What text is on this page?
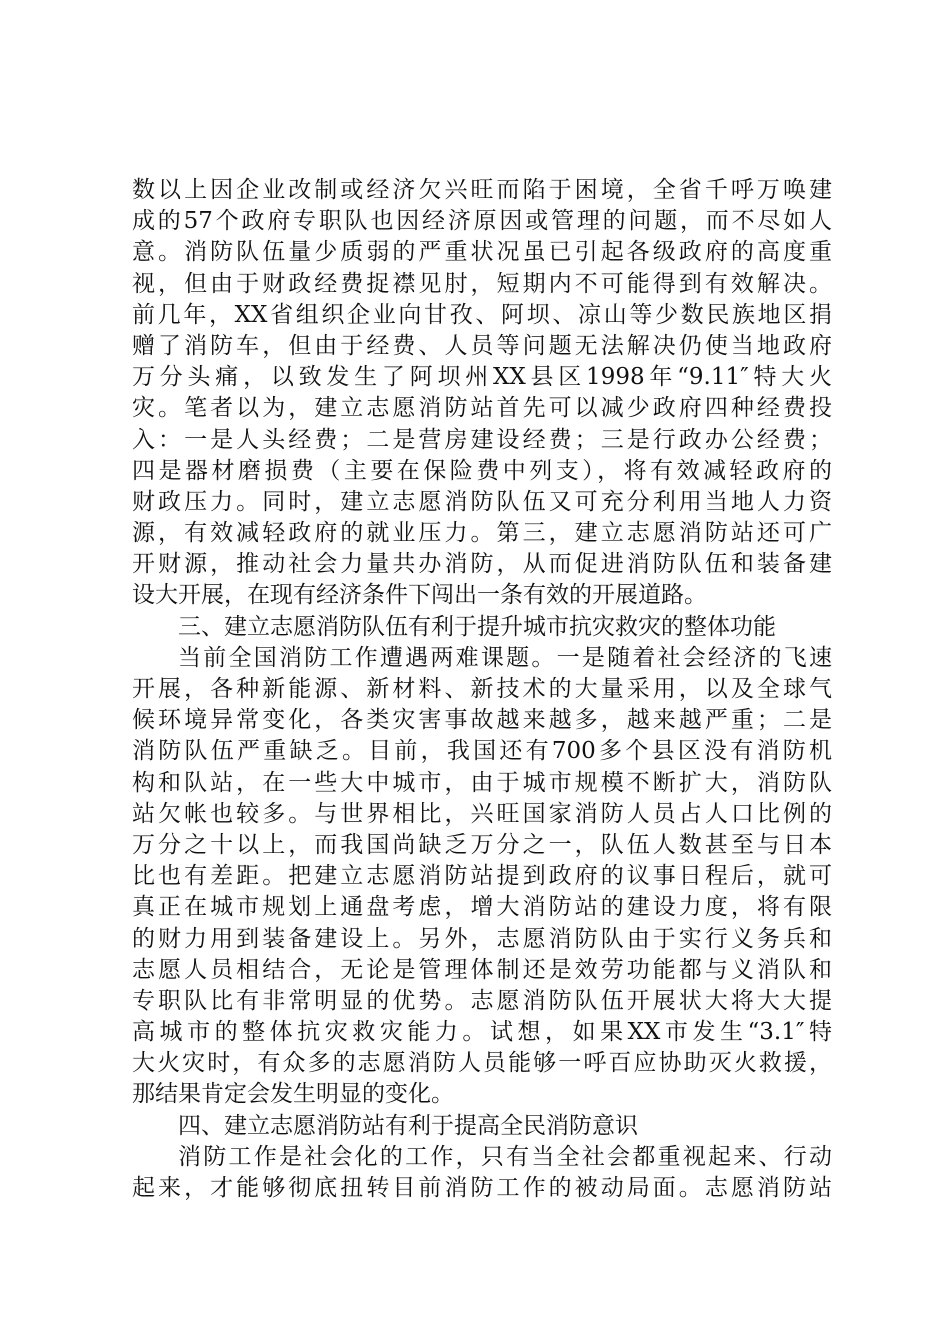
数以上因企业改制或经济欠兴旺而陷于困境，全省千呼万唤建
成的57个政府专职队也因经济原因或管理的问题，而不尽如人
意。消防队伍量少质弱的严重状况虽已引起各级政府的高度重
视，但由于财政经费捉襟见肘，短期内不可能得到有效解决。
前几年，XX省组织企业向甘孜、阿坝、凉山等少数民族地区捐
赠了消防车，但由于经费、人员等问题无法解决仍使当地政府
万分头痛，以致发生了阿坝州XX县区1998年“9.11″特大火
灾。笔者以为，建立志愿消防站首先可以减少政府四种经费投
入：一是人头经费；二是营房建设经费；三是行政办公经费；
四是器材磨损费（主要在保险费中列支），将有效减轻政府的
财政压力。同时，建立志愿消防队伍又可充分利用当地人力资
源，有效减轻政府的就业压力。第三，建立志愿消防站还可广
开财源，推动社会力量共办消防，从而促进消防队伍和装备建
设大开展，在现有经济条件下闯出一条有效的开展道路。
三、建立志愿消防队伍有利于提升城市抗灾救灾的整体功能
当前全国消防工作遭遇两难课题。一是随着社会经济的飞速
开展，各种新能源、新材料、新技术的大量采用，以及全球气
候环境异常变化，各类灾害事故越来越多，越来越严重；二是
消防队伍严重缺乏。目前，我国还有700多个县区没有消防机
构和队站，在一些大中城市，由于城市规模不断扩大，消防队
站欠帐也较多。与世界相比，兴旺国家消防人员占人口比例的
万分之十以上，而我国尚缺乏万分之一，队伍人数甚至与日本
比也有差距。把建立志愿消防站提到政府的议事日程后，就可
真正在城市规划上通盘考虑，增大消防站的建设力度，将有限
的财力用到装备建设上。另外，志愿消防队由于实行义务兵和
志愿人员相结合，无论是管理体制还是效劳功能都与义消队和
专职队比有非常明显的优势。志愿消防队伍开展状大将大大提
高城市的整体抗灾救灾能力。试想，如果XX市发生“3.1″特
大火灾时，有众多的志愿消防人员能够一呼百应协助灭火救援，
那结果肯定会发生明显的变化。
四、建立志愿消防站有利于提高全民消防意识
消防工作是社会化的工作，只有当全社会都重视起来、行动
起来，才能够彻底扭转目前消防工作的被动局面。志愿消防站
